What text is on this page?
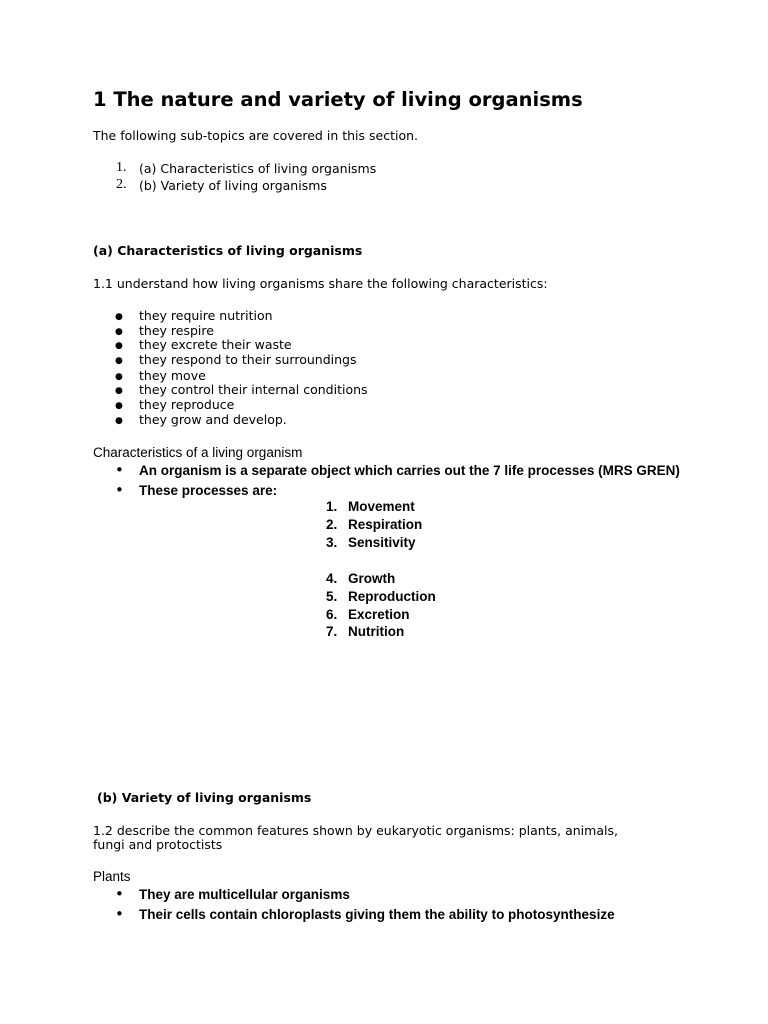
1 The nature and variety of living organisms
The following sub-topics are covered in this section.
1. (a) Characteristics of living organisms
2. (b) Variety of living organisms
(a) Characteristics of living organisms
1.1 understand how living organisms share the following characteristics:
● they require nutrition
● they respire
● they excrete their waste
● they respond to their surroundings
● they move
● they control their internal conditions
● they reproduce
● they grow and develop.
Characteristics of a living organism
• An organism is a separate object which carries out the 7 life processes (MRS GREN)
• These processes are:
1. Movement
2. Respiration
3. Sensitivity
4. Growth
5. Reproduction
6. Excretion
7. Nutrition
(b) Variety of living organisms
1.2 describe the common features shown by eukaryotic organisms: plants, animals,
fungi and protoctists
Plants
• They are multicellular organisms
• Their cells contain chloroplasts giving them the ability to photosynthesize
